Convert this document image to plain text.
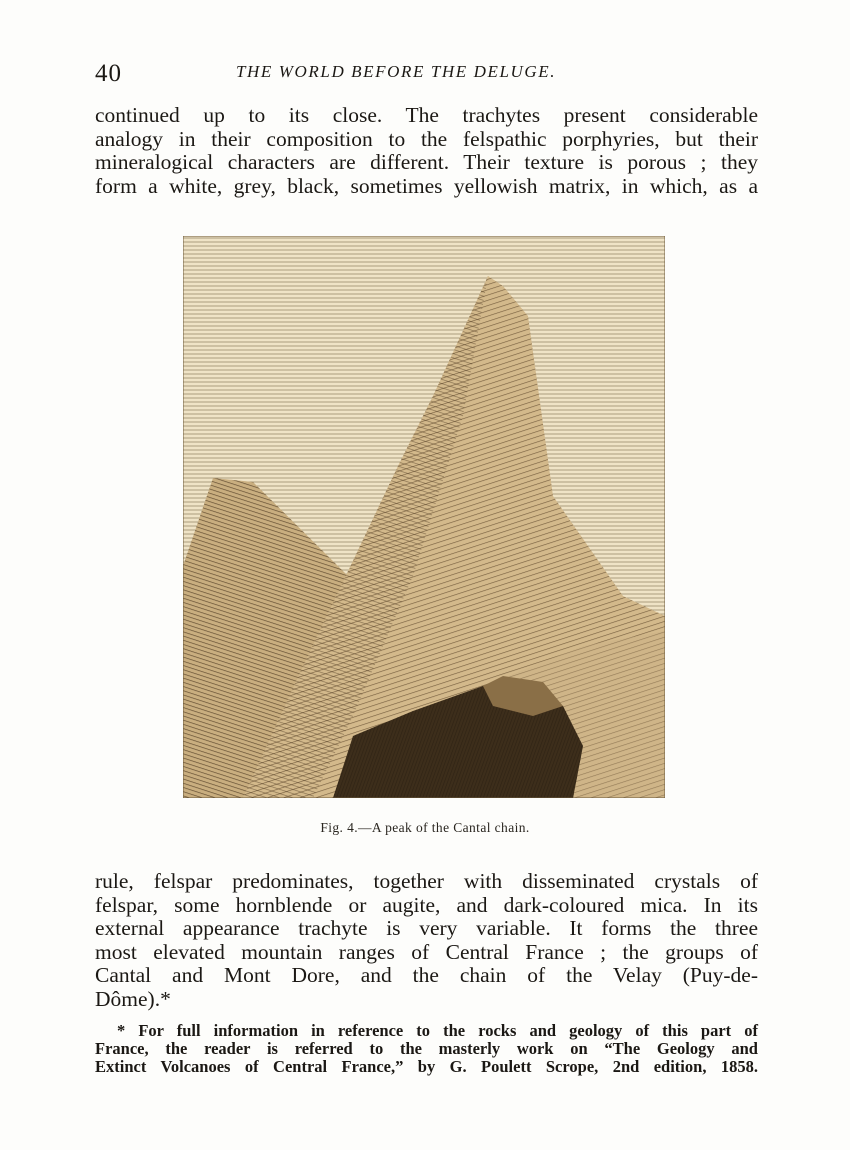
40	THE WORLD BEFORE THE DELUGE.

continued up to its close. The trachytes present considerable
analogy in their composition to the felspathic porphyries, but their
mineralogical characters are different. Their texture is porous ; they
form a white, grey, black, sometimes yellowish matrix, in which, as a

Fig. 4.—A peak of the Cantal chain.

rule, felspar predominates, together with disseminated crystals of
felspar, some hornblende or augite, and dark-coloured mica. In its
external appearance trachyte is very variable. It forms the three
most elevated mountain ranges of Central France ; the groups of
Cantal and Mont Dore, and the chain of the Velay (Puy-de-
Dôme).*

* For full information in reference to the rocks and geology of this part of
France, the reader is referred to the masterly work on “The Geology and
Extinct Volcanoes of Central France,” by G. Poulett Scrope, 2nd edition, 1858.
